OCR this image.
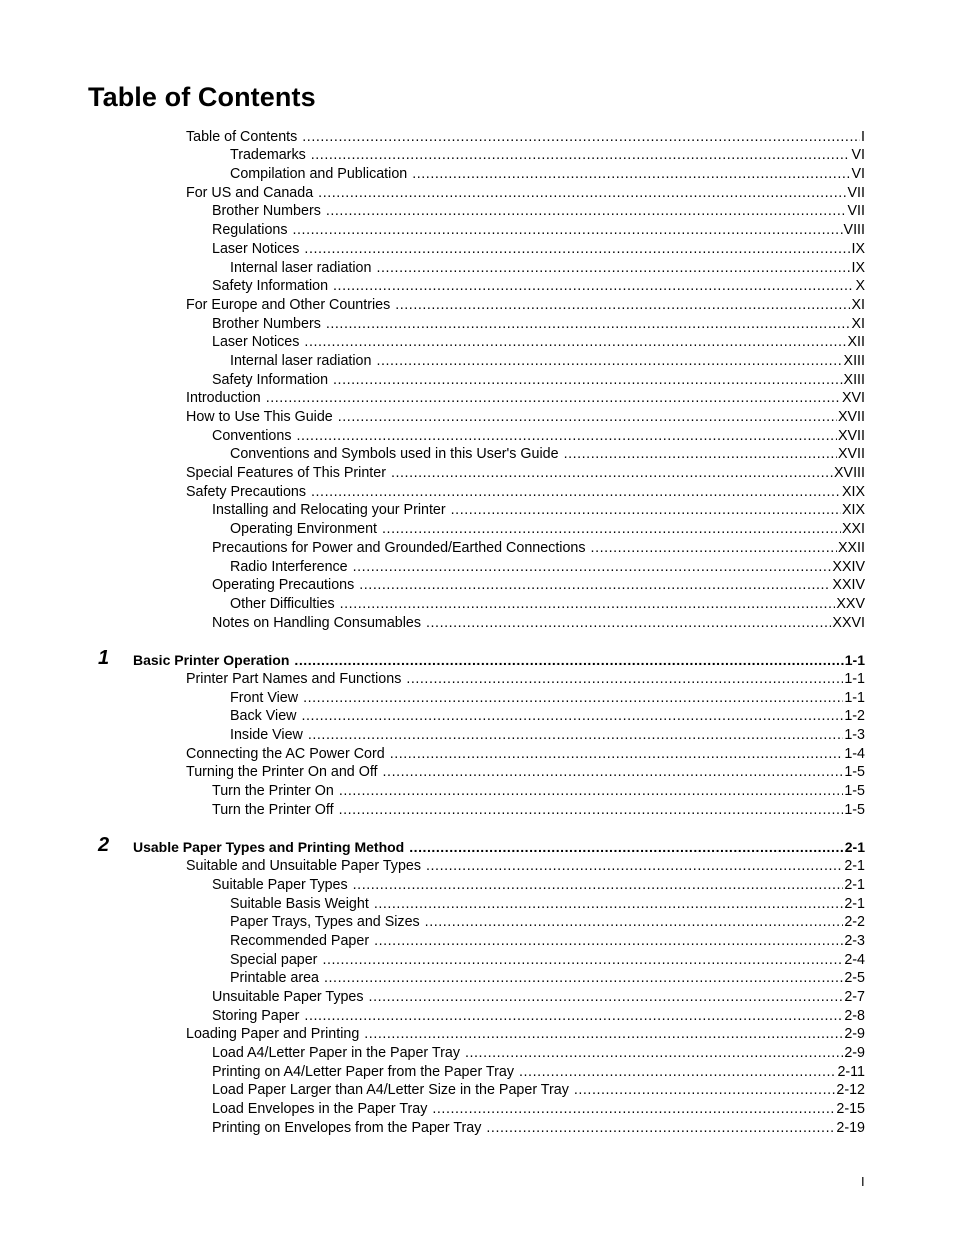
Table of Contents
Table of Contents .....	I
Trademarks .....	VI
Compilation and Publication .....	VI
For US and Canada .....	VII
Brother Numbers .....	VII
Regulations .....	VIII
Laser Notices .....	IX
Internal laser radiation .....	IX
Safety Information .....	X
For Europe and Other Countries .....	XI
Brother Numbers .....	XI
Laser Notices .....	XII
Internal laser radiation .....	XIII
Safety Information .....	XIII
Introduction .....	XVI
How to Use This Guide .....	XVII
Conventions .....	XVII
Conventions and Symbols used in this User's Guide .....	XVII
Special Features of This Printer .....	XVIII
Safety Precautions .....	XIX
Installing and Relocating your Printer .....	XIX
Operating Environment .....	XXI
Precautions for Power and Grounded/Earthed Connections .....	XXII
Radio Interference .....	XXIV
Operating Precautions .....	XXIV
Other Difficulties .....	XXV
Notes on Handling Consumables .....	XXVI
1 Basic Printer Operation .....	1-1
Printer Part Names and Functions .....	1-1
Front View .....	1-1
Back View .....	1-2
Inside View .....	1-3
Connecting the AC Power Cord .....	1-4
Turning the Printer On and Off .....	1-5
Turn the Printer On .....	1-5
Turn the Printer Off .....	1-5
2 Usable Paper Types and Printing Method .....	2-1
Suitable and Unsuitable Paper Types .....	2-1
Suitable Paper Types .....	2-1
Suitable Basis Weight .....	2-1
Paper Trays, Types and Sizes .....	2-2
Recommended Paper .....	2-3
Special paper .....	2-4
Printable area .....	2-5
Unsuitable Paper Types .....	2-7
Storing Paper .....	2-8
Loading Paper and Printing .....	2-9
Load A4/Letter Paper in the Paper Tray .....	2-9
Printing on A4/Letter Paper from the Paper Tray .....	2-11
Load Paper Larger than A4/Letter Size in the Paper Tray .....	2-12
Load Envelopes in the Paper Tray .....	2-15
Printing on Envelopes from the Paper Tray .....	2-19
I
